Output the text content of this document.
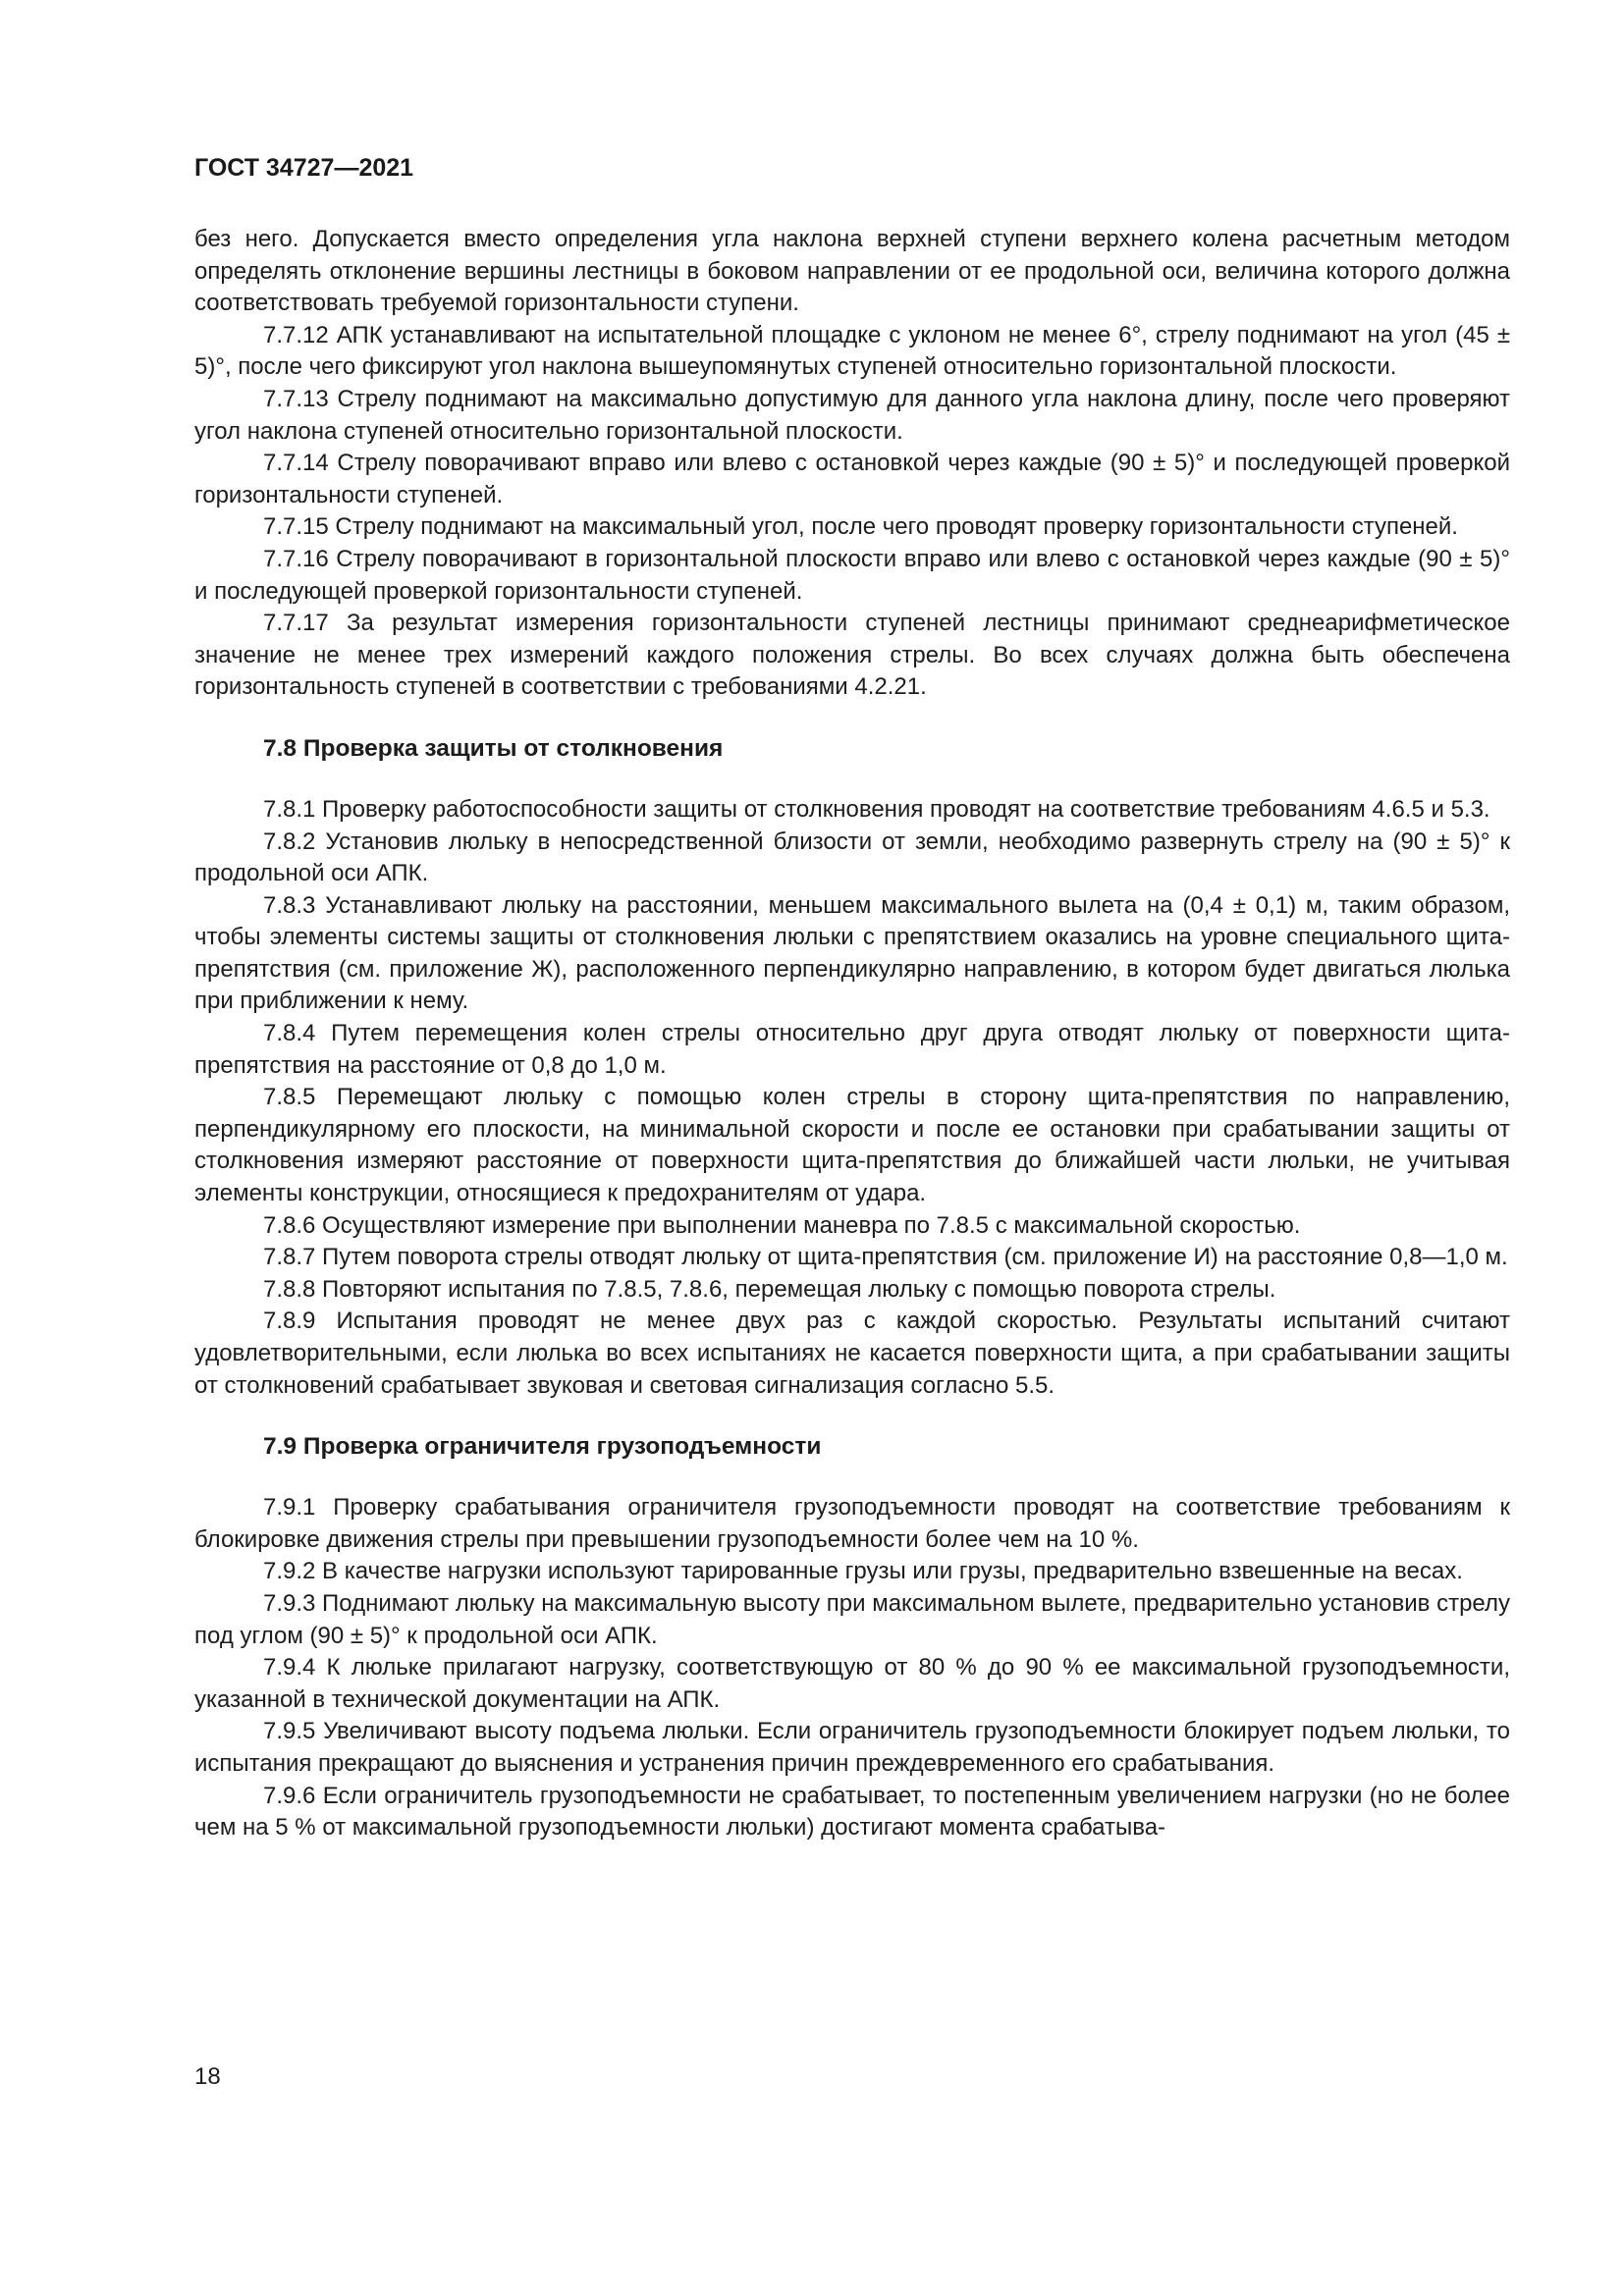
ГОСТ 34727—2021

без него. Допускается вместо определения угла наклона верхней ступени верхнего колена расчетным методом определять отклонение вершины лестницы в боковом направлении от ее продольной оси, величина которого должна соответствовать требуемой горизонтальности ступени.

7.7.12 АПК устанавливают на испытательной площадке с уклоном не менее 6°, стрелу поднимают на угол (45 ± 5)°, после чего фиксируют угол наклона вышеупомянутых ступеней относительно горизонтальной плоскости.

7.7.13 Стрелу поднимают на максимально допустимую для данного угла наклона длину, после чего проверяют угол наклона ступеней относительно горизонтальной плоскости.

7.7.14 Стрелу поворачивают вправо или влево с остановкой через каждые (90 ± 5)° и последующей проверкой горизонтальности ступеней.

7.7.15 Стрелу поднимают на максимальный угол, после чего проводят проверку горизонтальности ступеней.

7.7.16 Стрелу поворачивают в горизонтальной плоскости вправо или влево с остановкой через каждые (90 ± 5)° и последующей проверкой горизонтальности ступеней.

7.7.17 За результат измерения горизонтальности ступеней лестницы принимают среднеарифметическое значение не менее трех измерений каждого положения стрелы. Во всех случаях должна быть обеспечена горизонтальность ступеней в соответствии с требованиями 4.2.21.

7.8 Проверка защиты от столкновения

7.8.1 Проверку работоспособности защиты от столкновения проводят на соответствие требованиям 4.6.5 и 5.3.

7.8.2 Установив люльку в непосредственной близости от земли, необходимо развернуть стрелу на (90 ± 5)° к продольной оси АПК.

7.8.3 Устанавливают люльку на расстоянии, меньшем максимального вылета на (0,4 ± 0,1) м, таким образом, чтобы элементы системы защиты от столкновения люльки с препятствием оказались на уровне специального щита-препятствия (см. приложение Ж), расположенного перпендикулярно направлению, в котором будет двигаться люлька при приближении к нему.

7.8.4 Путем перемещения колен стрелы относительно друг друга отводят люльку от поверхности щита-препятствия на расстояние от 0,8 до 1,0 м.

7.8.5 Перемещают люльку с помощью колен стрелы в сторону щита-препятствия по направлению, перпендикулярному его плоскости, на минимальной скорости и после ее остановки при срабатывании защиты от столкновения измеряют расстояние от поверхности щита-препятствия до ближайшей части люльки, не учитывая элементы конструкции, относящиеся к предохранителям от удара.

7.8.6 Осуществляют измерение при выполнении маневра по 7.8.5 с максимальной скоростью.

7.8.7 Путем поворота стрелы отводят люльку от щита-препятствия (см. приложение И) на расстояние 0,8—1,0 м.

7.8.8 Повторяют испытания по 7.8.5, 7.8.6, перемещая люльку с помощью поворота стрелы.

7.8.9 Испытания проводят не менее двух раз с каждой скоростью. Результаты испытаний считают удовлетворительными, если люлька во всех испытаниях не касается поверхности щита, а при срабатывании защиты от столкновений срабатывает звуковая и световая сигнализация согласно 5.5.

7.9 Проверка ограничителя грузоподъемности

7.9.1 Проверку срабатывания ограничителя грузоподъемности проводят на соответствие требованиям к блокировке движения стрелы при превышении грузоподъемности более чем на 10 %.

7.9.2 В качестве нагрузки используют тарированные грузы или грузы, предварительно взвешенные на весах.

7.9.3 Поднимают люльку на максимальную высоту при максимальном вылете, предварительно установив стрелу под углом (90 ± 5)° к продольной оси АПК.

7.9.4 К люльке прилагают нагрузку, соответствующую от 80 % до 90 % ее максимальной грузоподъемности, указанной в технической документации на АПК.

7.9.5 Увеличивают высоту подъема люльки. Если ограничитель грузоподъемности блокирует подъем люльки, то испытания прекращают до выяснения и устранения причин преждевременного его срабатывания.

7.9.6 Если ограничитель грузоподъемности не срабатывает, то постепенным увеличением нагрузки (но не более чем на 5 % от максимальной грузоподъемности люльки) достигают момента срабатыва-

18
